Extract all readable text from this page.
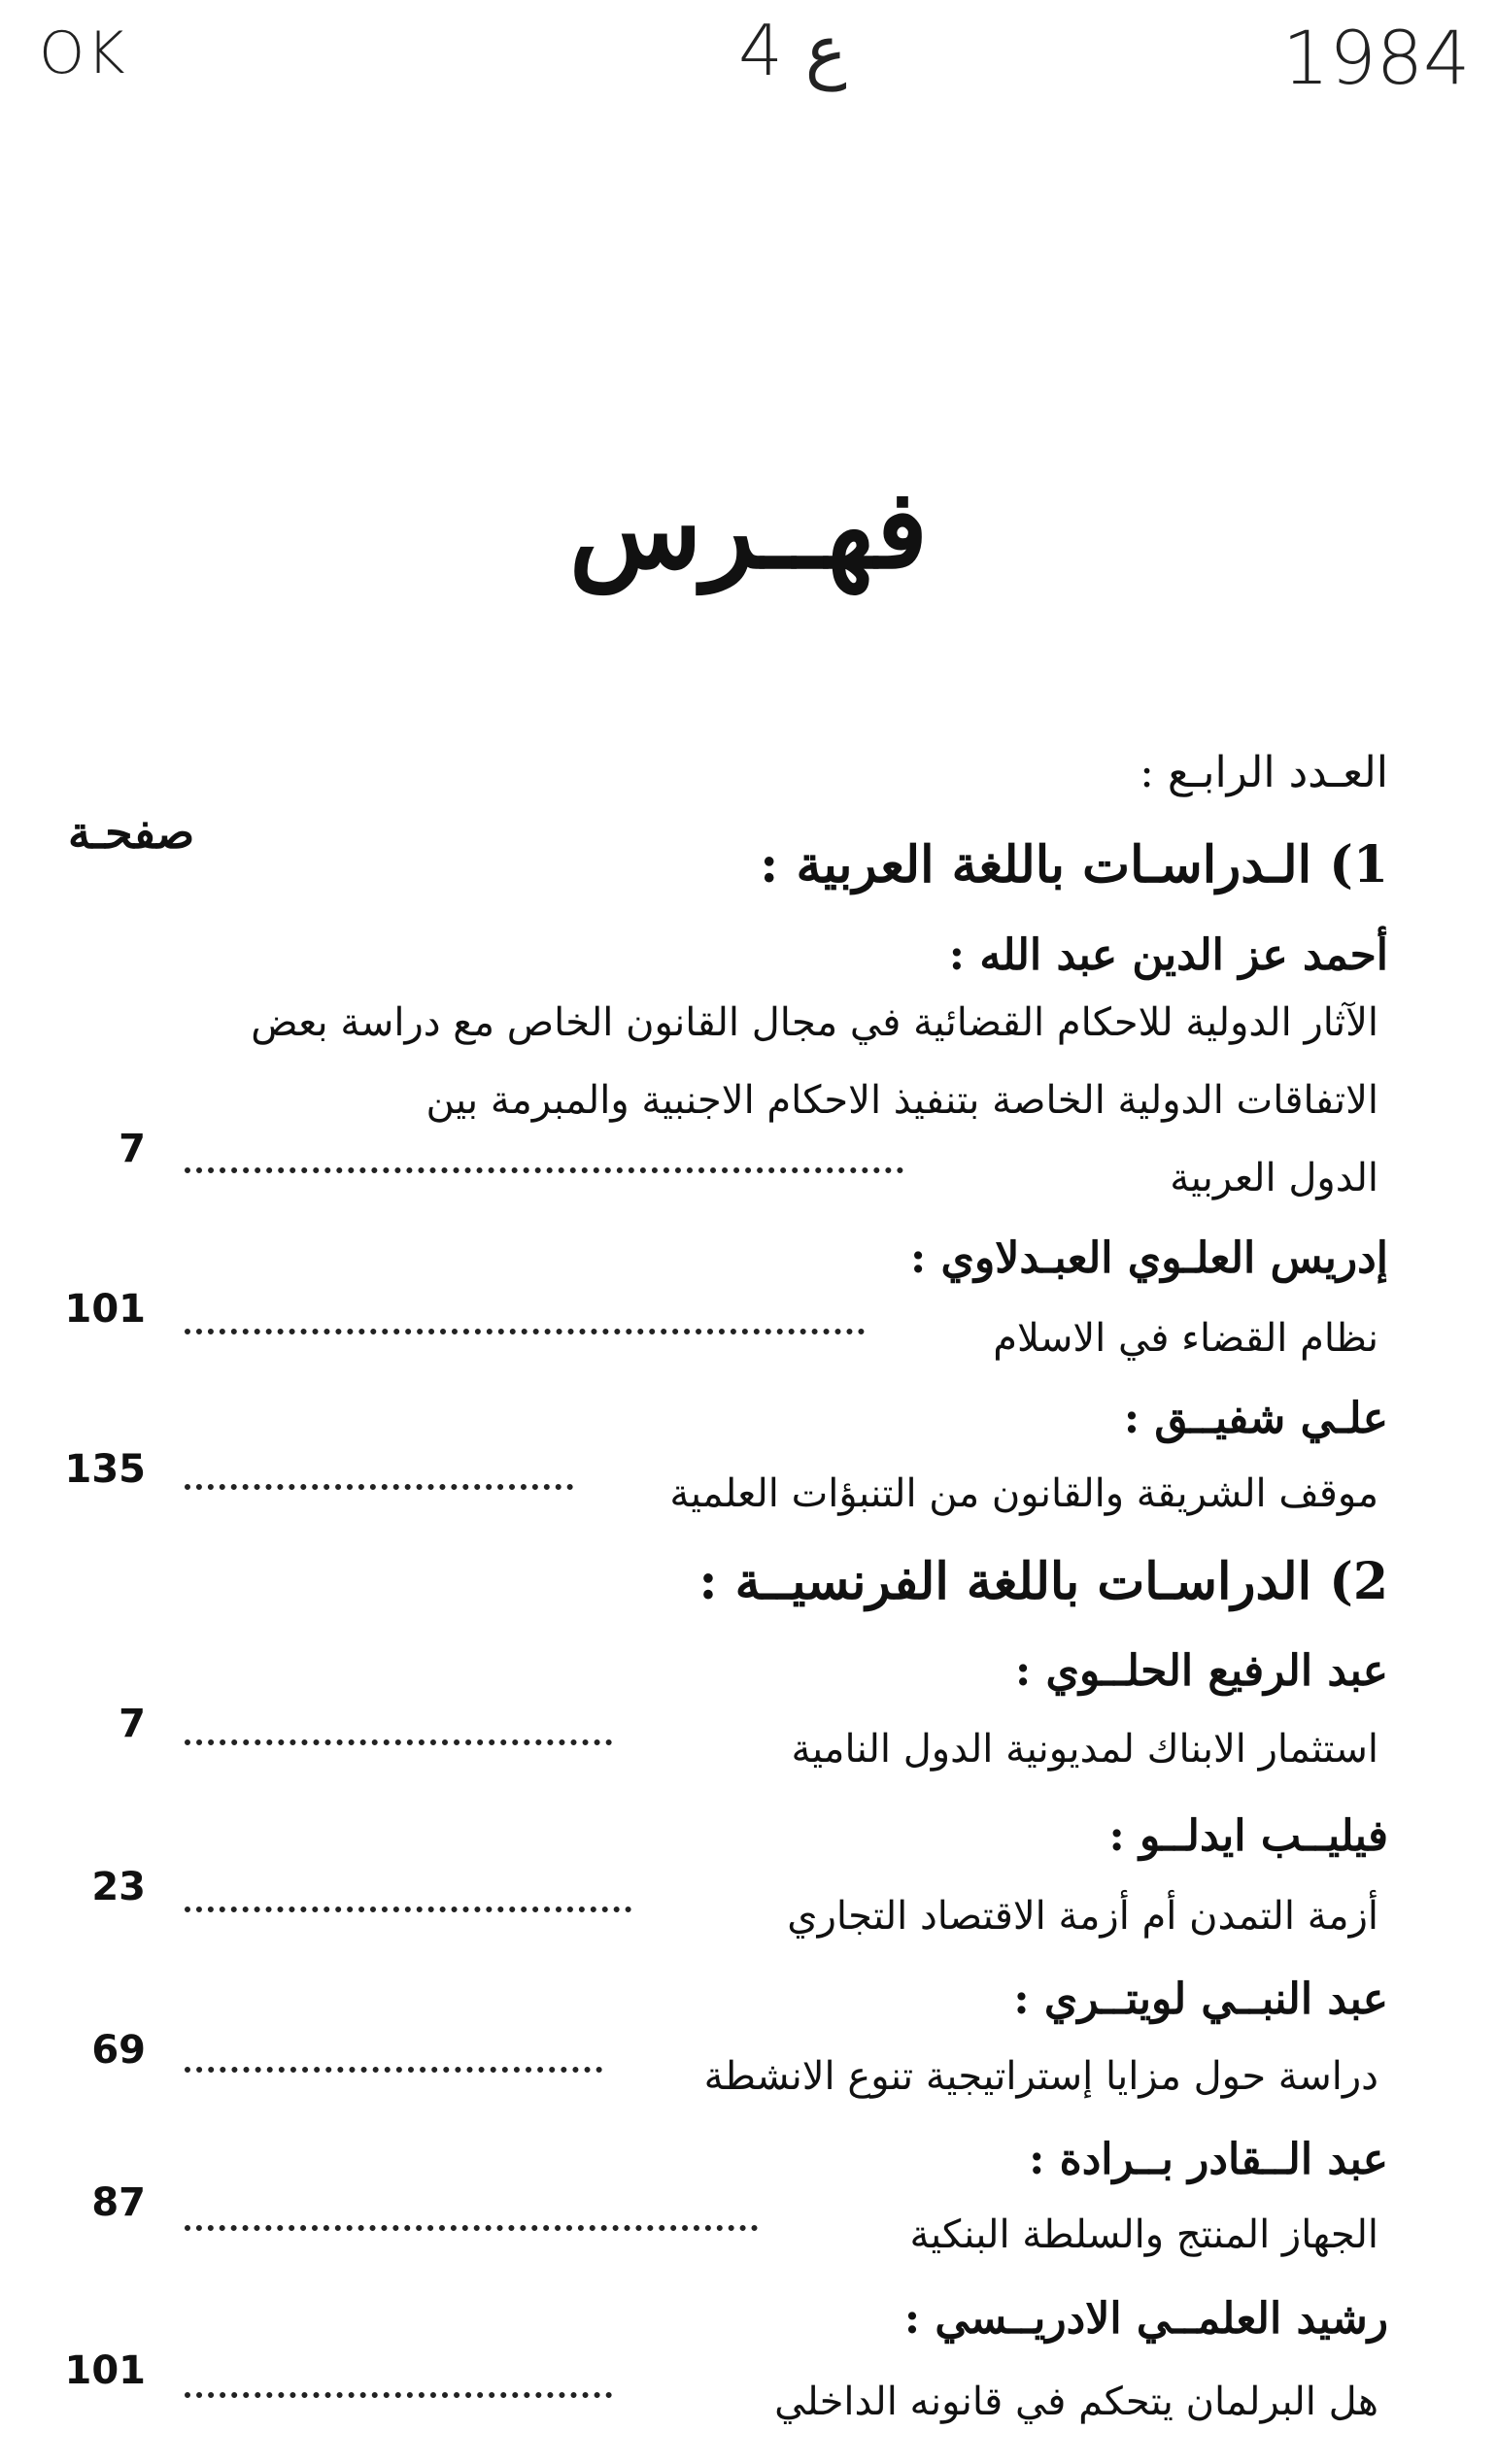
OK	ع 4	1984
فهــرس
العـدد الرابـع :
صفحـة
1) الـدراسـات باللغة العربية :
أحمد عز الدين عبد الله :
الآثار الدولية للاحكام القضائية في مجال القانون الخاص مع دراسة بعض
الاتفاقات الدولية الخاصة بتنفيذ الاحكام الاجنبية والمبرمة بين
الدول العربية
7
إدريس العلـوي العبـدلاوي :
نظام القضاء في الاسلام
101
علـي شفيــق :
موقف الشريقة والقانون من التنبؤات العلمية
135
2) الدراسـات باللغة الفرنسيــة :
عبد الرفيع الحلــوي :
استثمار الابناك لمديونية الدول النامية
7
فيليــب ايدلــو :
أزمة التمدن أم أزمة الاقتصاد التجاري
23
عبد النبــي لويتــري :
دراسة حول مزايا إستراتيجية تنوع الانشطة
69
عبد الــقادر بــرادة :
الجهاز المنتج والسلطة البنكية
87
رشيد العلمــي الادريــسي :
هل البرلمان يتحكم في قانونه الداخلي
101
